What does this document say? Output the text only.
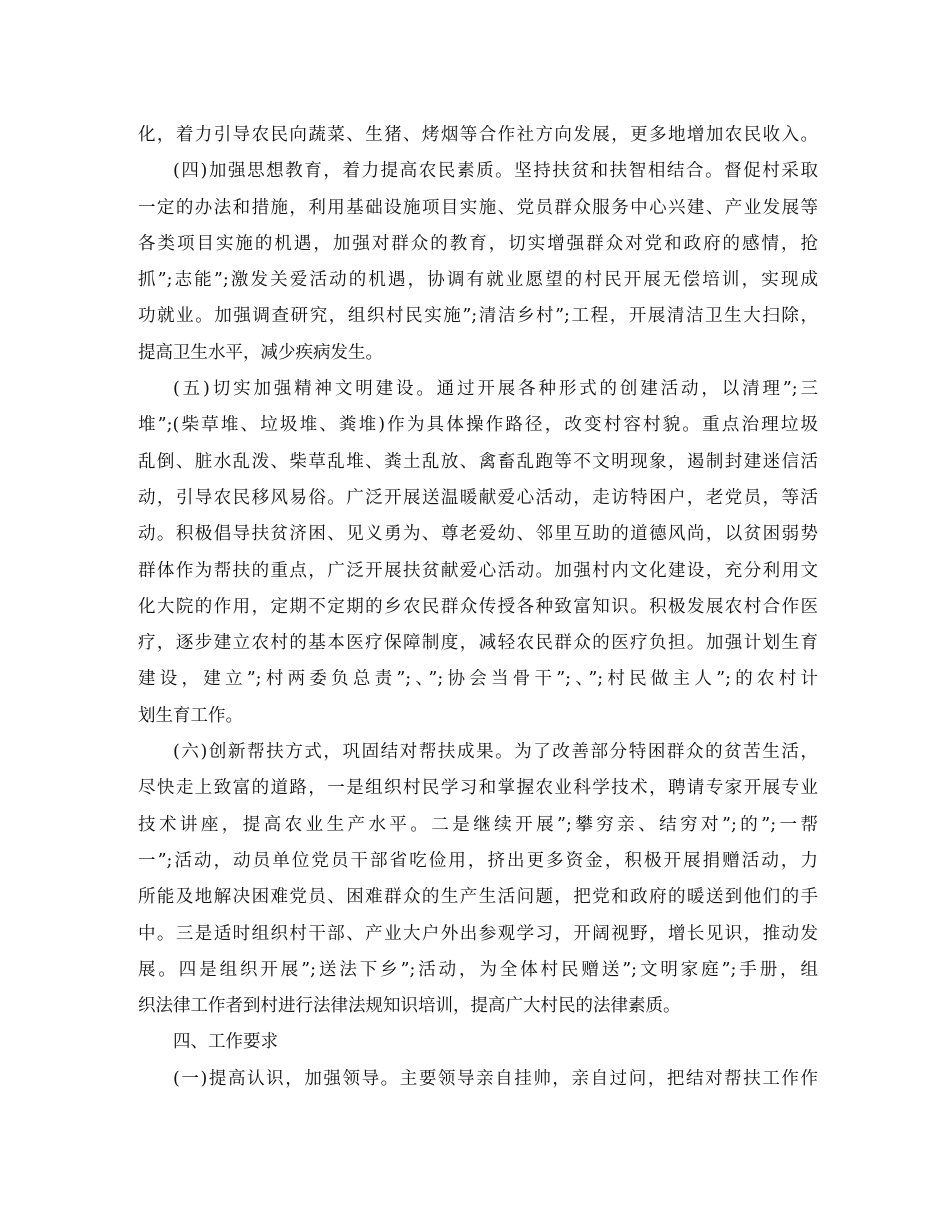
化，着力引导农民向蔬菜、生猪、烤烟等合作社方向发展，更多地增加农民收入。
(四)加强思想教育，着力提高农民素质。坚持扶贫和扶智相结合。督促村采取
一定的办法和措施，利用基础设施项目实施、党员群众服务中心兴建、产业发展等
各类项目实施的机遇，加强对群众的教育，切实增强群众对党和政府的感情，抢
抓”;志能”;激发关爱活动的机遇，协调有就业愿望的村民开展无偿培训，实现成
功就业。加强调查研究，组织村民实施”;清洁乡村”;工程，开展清洁卫生大扫除，
提高卫生水平，减少疾病发生。
(五)切实加强精神文明建设。通过开展各种形式的创建活动，以清理”;三
堆”;(柴草堆、垃圾堆、粪堆)作为具体操作路径，改变村容村貌。重点治理垃圾
乱倒、脏水乱泼、柴草乱堆、粪土乱放、禽畜乱跑等不文明现象，遏制封建迷信活
动，引导农民移风易俗。广泛开展送温暖献爱心活动，走访特困户，老党员，等活
动。积极倡导扶贫济困、见义勇为、尊老爱幼、邻里互助的道德风尚，以贫困弱势
群体作为帮扶的重点，广泛开展扶贫献爱心活动。加强村内文化建设，充分利用文
化大院的作用，定期不定期的乡农民群众传授各种致富知识。积极发展农村合作医
疗，逐步建立农村的基本医疗保障制度，减轻农民群众的医疗负担。加强计划生育
建设，建立”;村两委负总责”;、”;协会当骨干”;、”;村民做主人”;的农村计
划生育工作。
(六)创新帮扶方式，巩固结对帮扶成果。为了改善部分特困群众的贫苦生活，
尽快走上致富的道路，一是组织村民学习和掌握农业科学技术，聘请专家开展专业
技术讲座，提高农业生产水平。二是继续开展”;攀穷亲、结穷对”;的”;一帮
一”;活动，动员单位党员干部省吃俭用，挤出更多资金，积极开展捐赠活动，力
所能及地解决困难党员、困难群众的生产生活问题，把党和政府的暖送到他们的手
中。三是适时组织村干部、产业大户外出参观学习，开阔视野，增长见识，推动发
展。四是组织开展”;送法下乡”;活动，为全体村民赠送”;文明家庭”;手册，组
织法律工作者到村进行法律法规知识培训，提高广大村民的法律素质。
四、工作要求
(一)提高认识，加强领导。主要领导亲自挂帅，亲自过问，把结对帮扶工作作
